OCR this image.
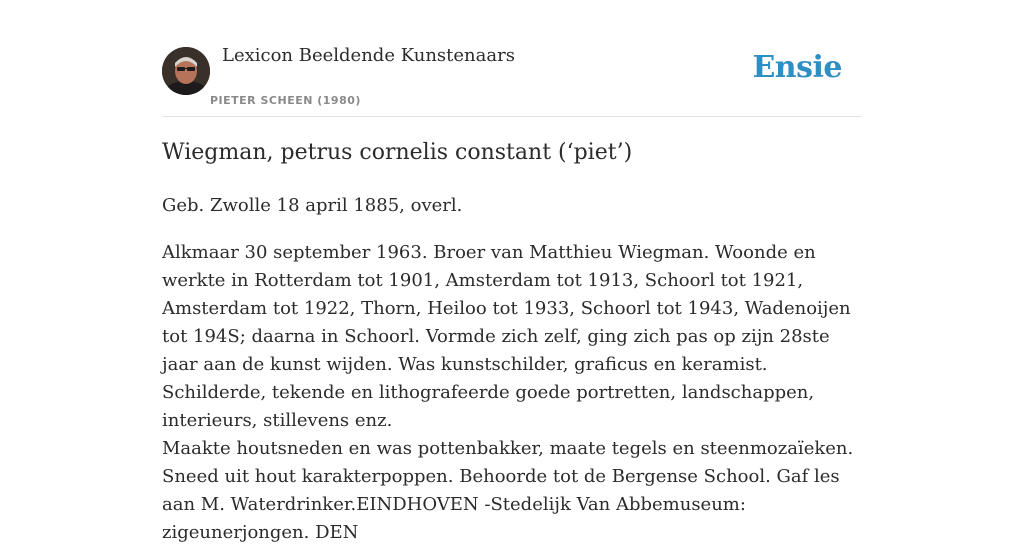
Lexicon Beeldende Kunstenaars
PIETER SCHEEN (1980)
Ensie
Wiegman, petrus cornelis constant (‘piet’)

Geb. Zwolle 18 april 1885, overl.

Alkmaar 30 september 1963. Broer van Matthieu Wiegman. Woonde en werkte in Rotterdam tot 1901, Amsterdam tot 1913, Schoorl tot 1921, Amsterdam tot 1922, Thorn, Heiloo tot 1933, Schoorl tot 1943, Wadenoijen tot 194S; daarna in Schoorl. Vormde zich zelf, ging zich pas op zijn 28ste jaar aan de kunst wijden. Was kunstschilder, graficus en keramist. Schilderde, tekende en lithografeerde goede portretten, landschappen, interieurs, stillevens enz.

Maakte houtsneden en was pottenbakker, maate tegels en steenmozaïeken. Sneed uit hout karakterpoppen. Behoorde tot de Bergense School. Gaf les aan M. Waterdrinker.EINDHOVEN -Stedelijk Van Abbemuseum: zigeunerjongen. DEN
